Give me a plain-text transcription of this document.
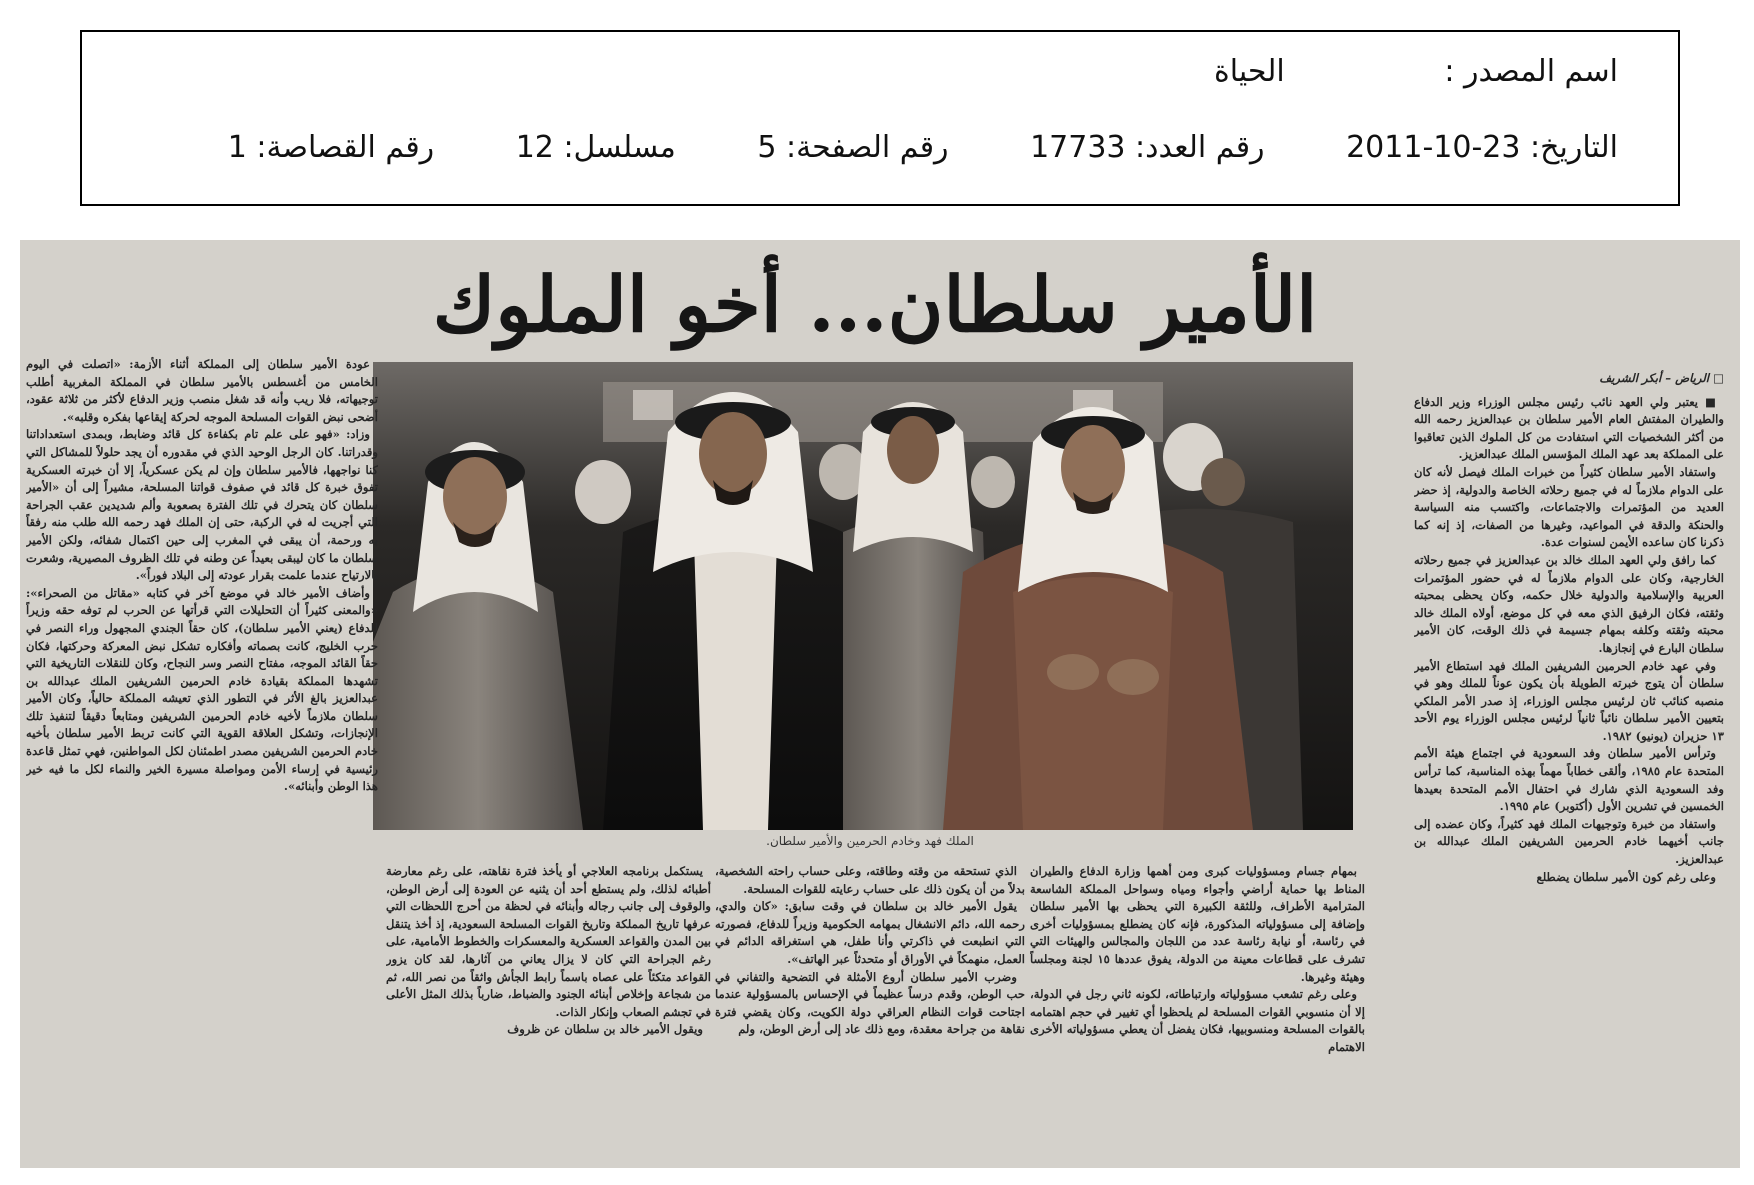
اسم المصدر : الحياة
التاريخ: 23-10-2011 رقم العدد: 17733 رقم الصفحة: 5 مسلسل: 12 رقم القصاصة: 1
الأمير سلطان... أخو الملوك

□ الرياض – أبكر الشريف

■ يعتبر ولي العهد نائب رئيس مجلس الوزراء وزير الدفاع والطيران المفتش العام الأمير سلطان بن عبدالعزيز رحمه الله من أكثر الشخصيات التي استفادت من كل الملوك الذين تعاقبوا على المملكة بعد عهد الملك المؤسس الملك عبدالعزيز.

واستفاد الأمير سلطان كثيراً من خبرات الملك فيصل لأنه كان على الدوام ملازماً له في جميع رحلاته الخاصة والدولية، إذ حضر العديد من المؤتمرات والاجتماعات، واكتسب منه السياسة والحنكة والدقة في المواعيد، وغيرها من الصفات، إذ إنه كما ذكرنا كان ساعده الأيمن لسنوات عدة.

كما رافق ولي العهد الملك خالد بن عبدالعزيز في جميع رحلاته الخارجية، وكان على الدوام ملازماً له في حضور المؤتمرات العربية والإسلامية والدولية خلال حكمه، وكان يحظى بمحبته وثقته، فكان الرفيق الذي معه في كل موضع، أولاه الملك خالد محبته وثقته وكلفه بمهام جسيمة في ذلك الوقت، كان الأمير سلطان البارع في إنجازها.

وفي عهد خادم الحرمين الشريفين الملك فهد استطاع الأمير سلطان أن يتوج خبرته الطويلة بأن يكون عوناً للملك وهو في منصبه كنائب ثان لرئيس مجلس الوزراء، إذ صدر الأمر الملكي بتعيين الأمير سلطان نائباً ثانياً لرئيس مجلس الوزراء يوم الأحد ١٣ حزيران (يونيو) ١٩٨٢.

وترأس الأمير سلطان وفد السعودية في اجتماع هيئة الأمم المتحدة عام ١٩٨٥، وألقى خطاباً مهماً بهذه المناسبة، كما ترأس وفد السعودية الذي شارك في احتفال الأمم المتحدة بعيدها الخمسين في تشرين الأول (أكتوبر) عام ١٩٩٥.

واستفاد من خبرة وتوجيهات الملك فهد كثيراً، وكان عضده إلى جانب أخيهما خادم الحرمين الشريفين الملك عبدالله بن عبدالعزيز.

وعلى رغم كون الأمير سلطان يضطلع

الملك فهد وخادم الحرمين والأمير سلطان.

عودة الأمير سلطان إلى المملكة أثناء الأزمة: «اتصلت في اليوم الخامس من أغسطس بالأمير سلطان في المملكة المغربية أطلب توجيهاته، فلا ريب وأنه قد شغل منصب وزير الدفاع لأكثر من ثلاثة عقود، أضحى نبض القوات المسلحة الموجه لحركة إيقاعها بفكره وقلبه».

وزاد: «فهو على علم تام بكفاءة كل قائد وضابط، وبمدى استعداداتنا وقدراتنا. كان الرجل الوحيد الذي في مقدوره أن يجد حلولاً للمشاكل التي كنا نواجهها، فالأمير سلطان وإن لم يكن عسكرياً، إلا أن خبرته العسكرية تفوق خبرة كل قائد في صفوف قواتنا المسلحة، مشيراً إلى أن «الأمير سلطان كان يتحرك في تلك الفترة بصعوبة وألم شديدين عقب الجراحة التي أجريت له في الركبة، حتى إن الملك فهد رحمه الله طلب منه رفقاً به ورحمة، أن يبقى في المغرب إلى حين اكتمال شفائه، ولكن الأمير سلطان ما كان ليبقى بعيداً عن وطنه في تلك الظروف المصيرية، وشعرت بالارتياح عندما علمت بقرار عودته إلى البلاد فوراً».

وأضاف الأمير خالد في موضع آخر في كتابه «مقاتل من الصحراء»: «والمعنى كثيراً أن التحليلات التي قرأتها عن الحرب لم توفه حقه وزيراً للدفاع (يعني الأمير سلطان)، كان حقاً الجندي المجهول وراء النصر في حرب الخليج، كانت بصماته وأفكاره تشكل نبض المعركة وحركتها، فكان حقاً القائد الموجه، مفتاح النصر وسر النجاح، وكان للنقلات التاريخية التي تشهدها المملكة بقيادة خادم الحرمين الشريفين الملك عبدالله بن عبدالعزيز بالغ الأثر في التطور الذي تعيشه المملكة حالياً، وكان الأمير سلطان ملازماً لأخيه خادم الحرمين الشريفين ومتابعاً دقيقاً لتنفيذ تلك الإنجازات، وتشكل العلاقة القوية التي كانت تربط الأمير سلطان بأخيه خادم الحرمين الشريفين مصدر اطمئنان لكل المواطنين، فهي تمثل قاعدة رئيسية في إرساء الأمن ومواصلة مسيرة الخير والنماء لكل ما فيه خير هذا الوطن وأبنائه».

بمهام جسام ومسؤوليات كبرى ومن أهمها وزارة الدفاع والطيران المناط بها حماية أراضي وأجواء ومياه وسواحل المملكة الشاسعة المترامية الأطراف، وللثقة الكبيرة التي يحظى بها الأمير سلطان وإضافة إلى مسؤولياته المذكورة، فإنه كان يضطلع بمسؤوليات أخرى في رئاسة، أو نيابة رئاسة عدد من اللجان والمجالس والهيئات التي تشرف على قطاعات معينة من الدولة، يفوق عددها ١٥ لجنة ومجلساً وهيئة وغيرها.

وعلى رغم تشعب مسؤولياته وارتباطاته، لكونه ثاني رجل في الدولة، إلا أن منسوبي القوات المسلحة لم يلحظوا أي تغيير في حجم اهتمامه بالقوات المسلحة ومنسوبيها، فكان يفضل أن يعطي مسؤولياته الأخرى الاهتمام

الذي تستحقه من وقته وطاقته، وعلى حساب راحته الشخصية، بدلاً من أن يكون ذلك على حساب رعايته للقوات المسلحة.

يقول الأمير خالد بن سلطان في وقت سابق: «كان والدي، رحمه الله، دائم الانشغال بمهامه الحكومية وزيراً للدفاع، فصورته التي انطبعت في ذاكرتي وأنا طفل، هي استغراقه الدائم في العمل، منهمكاً في الأوراق أو متحدثاً عبر الهاتف».

وضرب الأمير سلطان أروع الأمثلة في التضحية والتفاني في حب الوطن، وقدم درساً عظيماً في الإحساس بالمسؤولية عندما اجتاحت قوات النظام العراقي دولة الكويت، وكان يقضي فترة نقاهة من جراحة معقدة، ومع ذلك عاد إلى أرض الوطن، ولم

يستكمل برنامجه العلاجي أو يأخذ فترة نقاهته، على رغم معارضة أطبائه لذلك، ولم يستطع أحد أن يثنيه عن العودة إلى أرض الوطن، والوقوف إلى جانب رجاله وأبنائه في لحظة من أحرج اللحظات التي عرفها تاريخ المملكة وتاريخ القوات المسلحة السعودية، إذ أخذ يتنقل بين المدن والقواعد العسكرية والمعسكرات والخطوط الأمامية، على رغم الجراحة التي كان لا يزال يعاني من آثارها، لقد كان يزور القواعد متكئاً على عصاه باسماً رابط الجأش واثقاً من نصر الله، ثم من شجاعة وإخلاص أبنائه الجنود والضباط، ضارباً بذلك المثل الأعلى في تجشم الصعاب وإنكار الذات.

ويقول الأمير خالد بن سلطان عن ظروف
